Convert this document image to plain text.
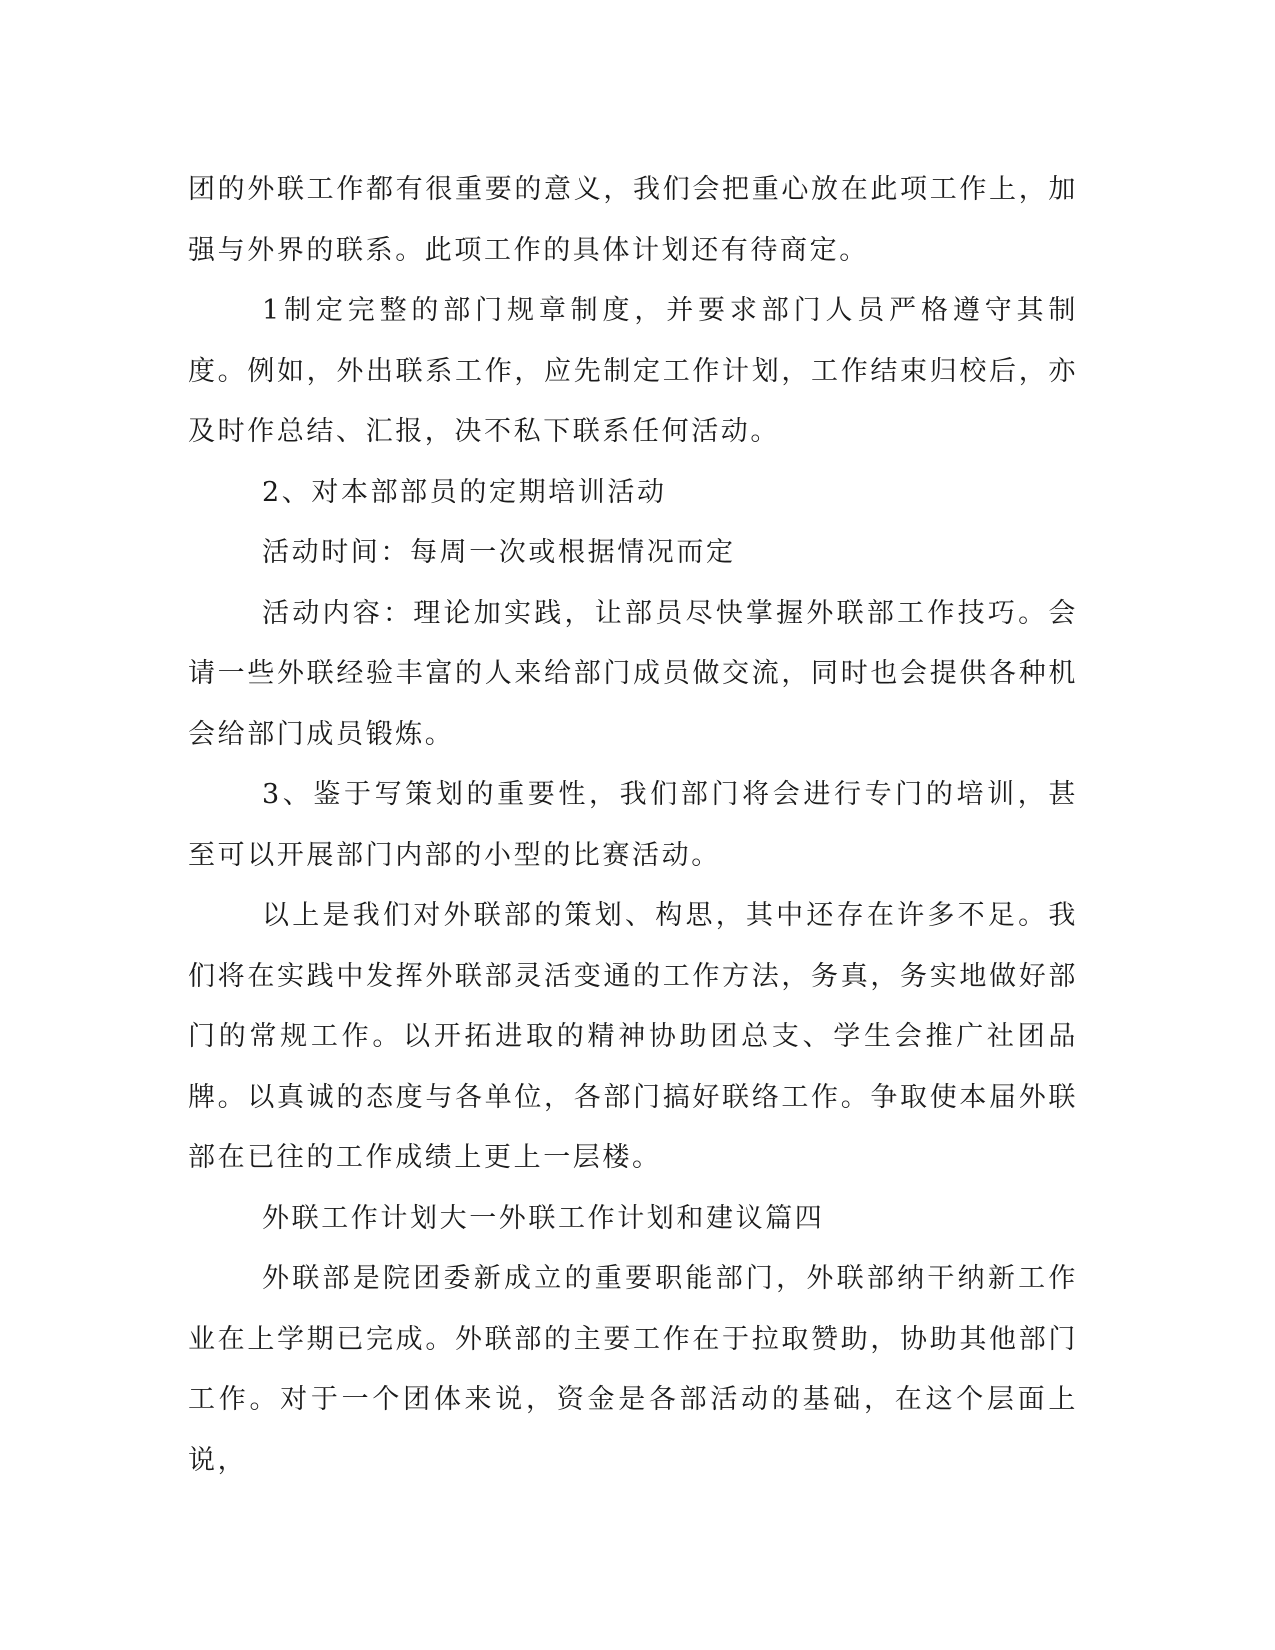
团的外联工作都有很重要的意义，我们会把重心放在此项工作上，加强与外界的联系。此项工作的具体计划还有待商定。

1制定完整的部门规章制度，并要求部门人员严格遵守其制度。例如，外出联系工作，应先制定工作计划，工作结束归校后，亦及时作总结、汇报，决不私下联系任何活动。

2、对本部部员的定期培训活动

活动时间：每周一次或根据情况而定

活动内容：理论加实践，让部员尽快掌握外联部工作技巧。会请一些外联经验丰富的人来给部门成员做交流，同时也会提供各种机会给部门成员锻炼。

3、鉴于写策划的重要性，我们部门将会进行专门的培训，甚至可以开展部门内部的小型的比赛活动。

以上是我们对外联部的策划、构思，其中还存在许多不足。我们将在实践中发挥外联部灵活变通的工作方法，务真，务实地做好部门的常规工作。以开拓进取的精神协助团总支、学生会推广社团品牌。以真诚的态度与各单位，各部门搞好联络工作。争取使本届外联部在已往的工作成绩上更上一层楼。

外联工作计划大一外联工作计划和建议篇四

外联部是院团委新成立的重要职能部门，外联部纳干纳新工作业在上学期已完成。外联部的主要工作在于拉取赞助，协助其他部门工作。对于一个团体来说，资金是各部活动的基础，在这个层面上说，
